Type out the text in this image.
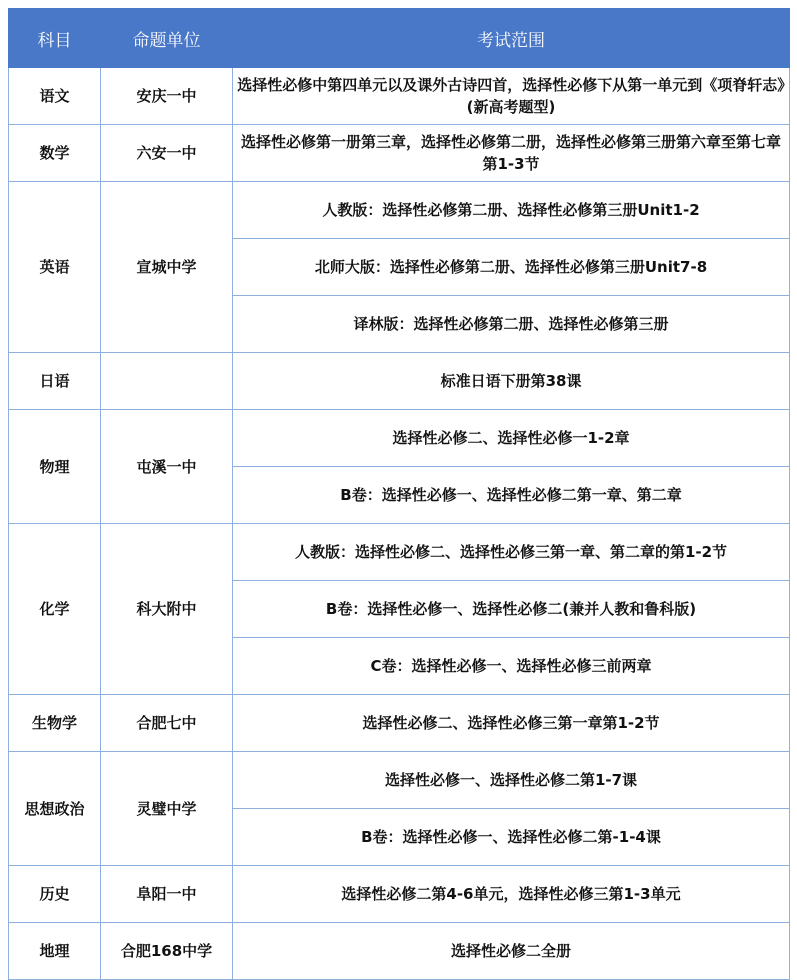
科目	命题单位	考试范围
语文	安庆一中	选择性必修中第四单元以及课外古诗四首，选择性必修下从第一单元到《项脊轩志》(新高考题型)
数学	六安一中	选择性必修第一册第三章，选择性必修第二册，选择性必修第三册第六章至第七章第1-3节
英语	宣城中学	人教版：选择性必修第二册、选择性必修第三册Unit1-2
		北师大版：选择性必修第二册、选择性必修第三册Unit7-8
		译林版：选择性必修第二册、选择性必修第三册
日语		标准日语下册第38课
物理	屯溪一中	选择性必修二、选择性必修一1-2章
		B卷：选择性必修一、选择性必修二第一章、第二章
化学	科大附中	人教版：选择性必修二、选择性必修三第一章、第二章的第1-2节
		B卷：选择性必修一、选择性必修二(兼并人教和鲁科版)
		C卷：选择性必修一、选择性必修三前两章
生物学	合肥七中	选择性必修二、选择性必修三第一章第1-2节
思想政治	灵璧中学	选择性必修一、选择性必修二第1-7课
		B卷：选择性必修一、选择性必修二第-1-4课
历史	阜阳一中	选择性必修二第4-6单元，选择性必修三第1-3单元
地理	合肥168中学	选择性必修二全册
